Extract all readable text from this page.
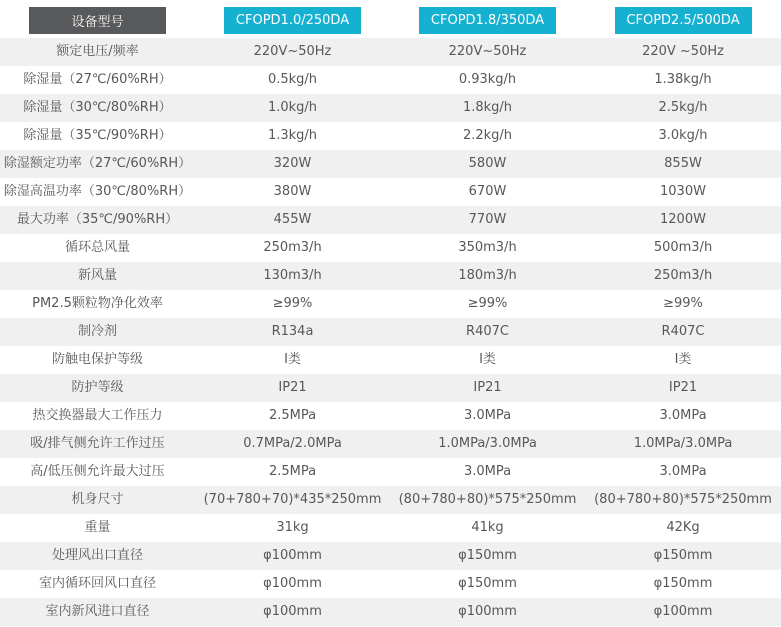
设备型号	CFOPD1.0/250DA	CFOPD1.8/350DA	CFOPD2.5/500DA
额定电压/频率	220V~50Hz	220V~50Hz	220V ~50Hz
除湿量（27℃/60%RH）	0.5kg/h	0.93kg/h	1.38kg/h
除湿量（30℃/80%RH）	1.0kg/h	1.8kg/h	2.5kg/h
除湿量（35℃/90%RH）	1.3kg/h	2.2kg/h	3.0kg/h
除湿额定功率（27℃/60%RH）	320W	580W	855W
除湿高温功率（30℃/80%RH）	380W	670W	1030W
最大功率（35℃/90%RH）	455W	770W	1200W
循环总风量	250m3/h	350m3/h	500m3/h
新风量	130m3/h	180m3/h	250m3/h
PM2.5颗粒物净化效率	≥99%	≥99%	≥99%
制冷剂	R134a	R407C	R407C
防触电保护等级	I类	I类	I类
防护等级	IP21	IP21	IP21
热交换器最大工作压力	2.5MPa	3.0MPa	3.0MPa
吸/排气侧允许工作过压	0.7MPa/2.0MPa	1.0MPa/3.0MPa	1.0MPa/3.0MPa
高/低压侧允许最大过压	2.5MPa	3.0MPa	3.0MPa
机身尺寸	(70+780+70)*435*250mm	(80+780+80)*575*250mm	(80+780+80)*575*250mm
重量	31kg	41kg	42Kg
处理风出口直径	φ100mm	φ150mm	φ150mm
室内循环回风口直径	φ100mm	φ150mm	φ150mm
室内新风进口直径	φ100mm	φ100mm	φ100mm
